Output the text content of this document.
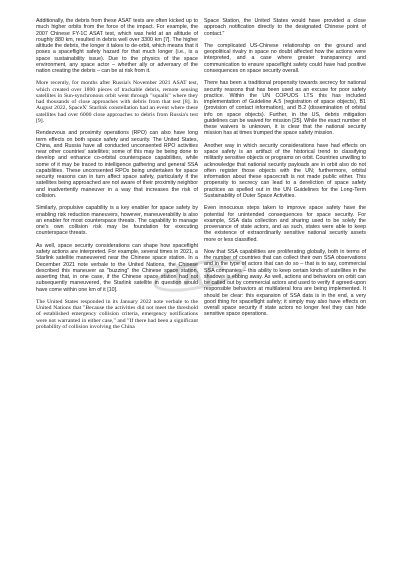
Additionally, the debris from these ASAT tests are often kicked up to much higher orbits from the force of the impact. For example, the 2007 Chinese FY-1C ASAT test, which was held at an altitude of roughly 880 km, resulted in debris well over 3300 km [7]. The higher altitude the debris, the longer it takes to de-orbit, which means that it poses a spaceflight safety hazard for that much longer (i.e., is a space sustainability issue). Due to the physics of the space environment, any space actor – whether ally or adversary of the nation creating the debris – can be at risk from it.

More recently, for months after Russia's November 2021 ASAT test, which created over 1800 pieces of trackable debris, remote sensing satellites in Sun-synchronous orbit went through "squalls" where they had thousands of close approaches with debris from that test [8]. In August 2022, SpaceX' Starlink constellation had an event where these satellites had over 6000 close approaches to debris from Russia's test [9].

Rendezvous and proximity operations (RPO) can also have long term effects on both space safety and security. The United States, China, and Russia have all conducted unconsented RPO activities near other countries' satellites; some of this may be being done to develop and enhance co-orbital counterspace capabilities, while some of it may be traced to intelligence gathering and general SSA capabilities. These unconsented RPOs being undertaken for space security reasons can in turn affect space safety, particularly if the satellites being approached are not aware of their proximity neighbor and inadvertently maneuver in a way that increases the risk of collision.

Similarly, propulsive capability is a key enabler for space safety by enabling risk reduction maneuvers, however, maneuverability is also an enabler for most counterspace threats. The capability to manage one's own collision risk may be foundation for executing counterspace threats.

As well, space security considerations can shape how spaceflight safety actions are interpreted. For example, several times in 2021, a Starlink satellite maneuvered near the Chinese space station. In a December 2021 note verbale to the United Nations, the Chinese described this maneuver as "buzzing" the Chinese space station, asserting that, in one case, if the Chinese space station had not subsequently maneuvered, the Starlink satellite in question would have come within one km of it [10].

The United States responded in its January 2022 note verbale to the United Nations that "Because the activities did not meet the threshold of established emergency collision criteria, emergency notifications were not warranted in either case," and "If there had been a significant probability of collision involving the China

Space Station, the United States would have provided a close approach notification directly to the designated Chinese point of contact."

The complicated US-Chinese relationship on the ground and geopolitical rivalry in space no doubt affected how the actions were interpreted, and a case where greater transparency and communication to ensure spaceflight safety could have had positive consequences on space security overall.

There has been a traditional propensity towards secrecy for national security reasons that has been used as an excuse for poor safety practice. Within the UN COPUOS LTS this has included implementation of Guideline A.5 (registration of space objects), B1 (provision of contact information), and B.2 (dissemination of orbital info on space objects). Further, in the US, debris mitigation guidelines can be waived for mission [25]. While the exact number of these waivers is unknown, it is clear that the national security mission has at times trumped the space safety mission.

Another way in which security considerations have had effects on space safety is an artifact of the historical trend to classifying militarily sensitive objects or programs on orbit. Countries unwilling to acknowledge that national security payloads are in orbit also do not often register those objects with the UN; furthermore, orbital information about these spacecraft is not made public either. This propensity to secrecy can lead to a dereliction of space safety practices as spelled out in the UN Guidelines for the Long-Term Sustainability of Outer Space Activities.

Even innocuous steps taken to improve space safety have the potential for unintended consequences for space security. For example, SSA data collection and sharing used to be solely the provenance of state actors, and as such, states were able to keep the existence of extraordinarily sensitive national security assets more or less classified.

Now that SSA capabilities are proliferating globally, both in terms of the number of countries that can collect their own SSA observations and in the type of actors that can do so – that is to say, commercial SSA companies – this ability to keep certain kinds of satellites in the shadows is ebbing away. As well, actions and behaviors on orbit can be called out by commercial actors and used to verify if agreed-upon responsible behaviors at multilateral fora are being implemented. It should be clear: this expansion of SSA data is in the end, a very good thing for spaceflight safety; it simply may also have effects on overall space security if state actors no longer feel they can hide sensitive space operations.

IAC
